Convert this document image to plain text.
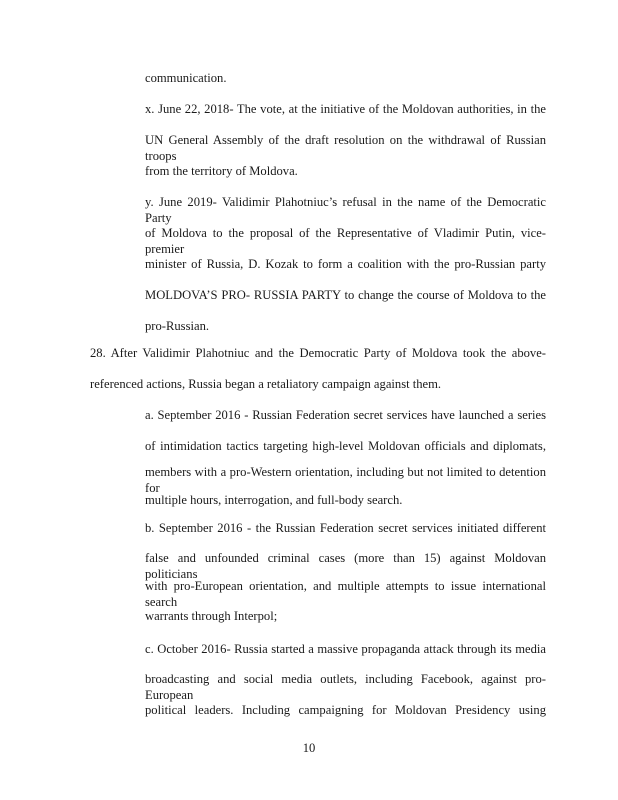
communication.
x. June 22, 2018- The vote, at the initiative of the Moldovan authorities, in the
UN General Assembly of the draft resolution on the withdrawal of Russian troops
from the territory of Moldova.
y. June 2019- Validimir Plahotniuc’s refusal in the name of the Democratic Party
of Moldova to the proposal of the Representative of Vladimir Putin, vice-premier
minister of Russia, D. Kozak to form a coalition with the pro-Russian party
MOLDOVA’S PRO- RUSSIA PARTY to change the course of Moldova to the
pro-Russian.
28. After Validimir Plahotniuc and the Democratic Party of Moldova took the above-
referenced actions, Russia began a retaliatory campaign against them.
a. September 2016 - Russian Federation secret services have launched a series
of intimidation tactics targeting high-level Moldovan officials and diplomats,
members with a pro-Western orientation, including but not limited to detention for
multiple hours, interrogation, and full-body search.
b. September 2016 - the Russian Federation secret services initiated different
false and unfounded criminal cases (more than 15) against Moldovan politicians
with pro-European orientation, and multiple attempts to issue international search
warrants through Interpol;
c. October 2016- Russia started a massive propaganda attack through its media
broadcasting and social media outlets, including Facebook, against pro-European
political leaders. Including campaigning for Moldovan Presidency using
10
